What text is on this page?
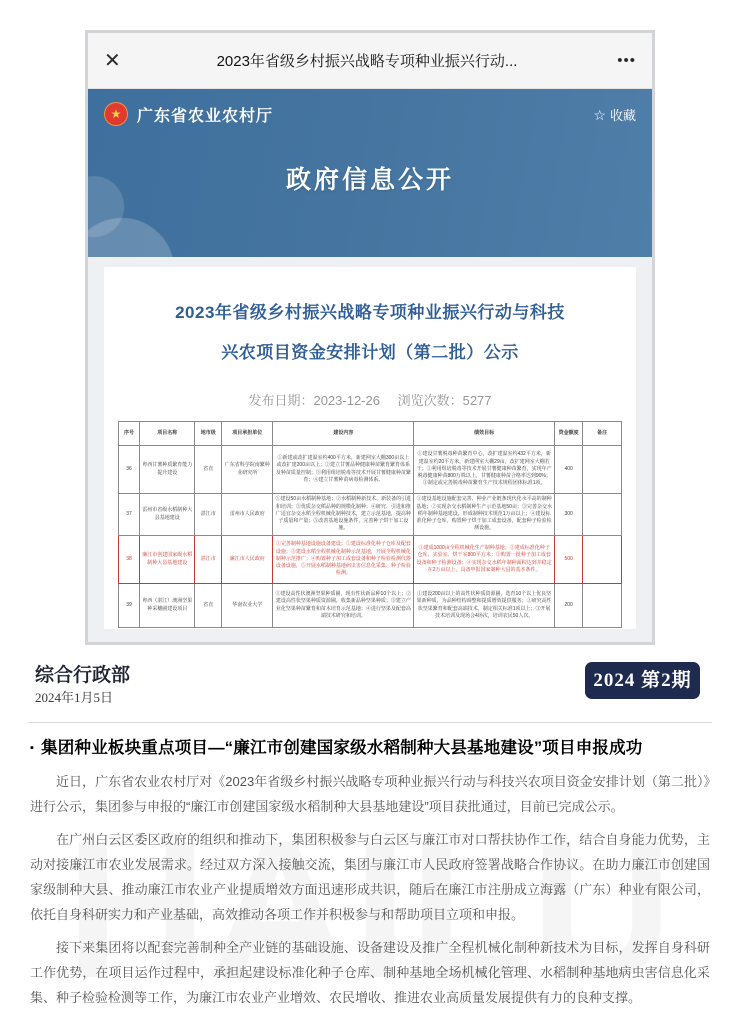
✕	2023年省级乡村振兴战略专项种业振兴行动...	•••
★ 广东省农业农村厅	☆ 收藏
政府信息公开
2023年省级乡村振兴战略专项种业振兴行动与科技
兴农项目资金安排计划（第二批）公示
发布日期：2023-12-26 浏览次数：5277
序号	项目名称	地市级	项目承担单位	建设内容	绩效目标	资金额度	备注
36	粤西甘薯种质繁育能力提升建设	省直	广东省科学院南繁种业研究所	①新建或改扩建温室约400平方米，新建网室大棚300亩以上或改扩建200亩以上；②建立甘薯品种健康种苗繁育繁育体系及种苗质量控制；③利用组培脱毒等技术开展甘薯健康种苗繁育；④建立甘薯种苗病毒检测体系。	①建设甘薯脱毒种苗繁育中心，改扩建温室约432平方米，新建温室约20平方米，新建网室大棚29亩，改扩建网室大棚若干；②利用组培脱毒等技术开展甘薯健康种苗繁育，实现年产脱毒健康种苗800万株以上，甘薯健康种苗合格率达到90%；③制定或完善脱毒种苗繁育生产技术规程团体标准1项。	400	
37	雷州市省级水稻制种大县基地建设	湛江市	雷州市人民政府	①建设50亩水稻制种基地；②水稻制种新技术、新装备的引进和培训；③优质杂交稻品种的规模化制种；④研究、引进和推广适宜杂交水稻全程机械化制种技术，建立示范基地，提高种子质量和产量；⑤改善基地设施条件，完善种子烘干加工设施。	①建设基地设施配套完善、种业产业链条现代化水平高的制种基地；②实现杂交水稻制种生产示范基地50亩；③完善杂交水稻年制种基地建设，形成制种技术规范1万亩以上；④建设标准化种子仓库，购置种子烘干加工成套设备，配套种子检验检测设施。	300	
38	廉江市创建国家级水稻制种大县基地建设	湛江市	廉江市人民政府	①完善制种基地设施设备建设；②建设标准化种子仓库及配套设施；③建设水稻全程机械化制种示范基地，开展全程机械化制种示范推广；④购置种子加工成套设备和种子检验检测仪器设备设施，⑤开展水稻制种基地病虫害信息化采集、种子检验检测。	①建成1000亩全程机械化生产制种基地；②建成标准化种子仓库、实验室、烘干室800平方米；③购置一批种子加工成套设备和种子检测设备；④实现杂交水稻年制种面积达到并稳定在2万亩以上，具备申报国家制种大县的基本条件。	500	
39	粤西（湛江）澳洲坚果种采穗圃建设项目	省直	华南农业大学	①建设高性状澳洲坚果种质圃，现有性状新品种10个以上；②建设高性状坚果种质资源圃，收集新品种坚果种质；③建立产业化坚果种苗繁育和苗木培育示范基地；④进行坚果及配套高端技术研究和培训。	①建设200亩以上的高性状种质资源圃，选育10个以上优良坚果新种质，为品种结构调整和提质增效提供服务；②研究高性状坚果繁育和配套高端技术，制定相关标准1项以上；③开展技术培训及现场会4场次，培训农民50人次。	200	
综合行政部
2024年1月5日
2024 第2期
▪ 集团种业板块重点项目—“廉江市创建国家级水稻制种大县基地建设”项目申报成功

近日，广东省农业农村厅对《2023年省级乡村振兴战略专项种业振兴行动与科技兴农项目资金安排计划（第二批）》进行公示，集团参与申报的“廉江市创建国家级水稻制种大县基地建设”项目获批通过，目前已完成公示。

在广州白云区委区政府的组织和推动下，集团积极参与白云区与廉江市对口帮扶协作工作，结合自身能力优势，主动对接廉江市农业发展需求。经过双方深入接触交流，集团与廉江市人民政府签署战略合作协议。在助力廉江市创建国家级制种大县、推动廉江市农业产业提质增效方面迅速形成共识，随后在廉江市注册成立海露（广东）种业有限公司，依托自身科研实力和产业基础，高效推动各项工作并积极参与和帮助项目立项和申报。

接下来集团将以配套完善制种全产业链的基础设施、设备建设及推广全程机械化制种新技术为目标，发挥自身科研工作优势，在项目运作过程中，承担起建设标准化种子仓库、制种基地全场机械化管理、水稻制种基地病虫害信息化采集、种子检验检测等工作，为廉江市农业产业增效、农民增收、推进农业高质量发展提供有力的良种支撑。
